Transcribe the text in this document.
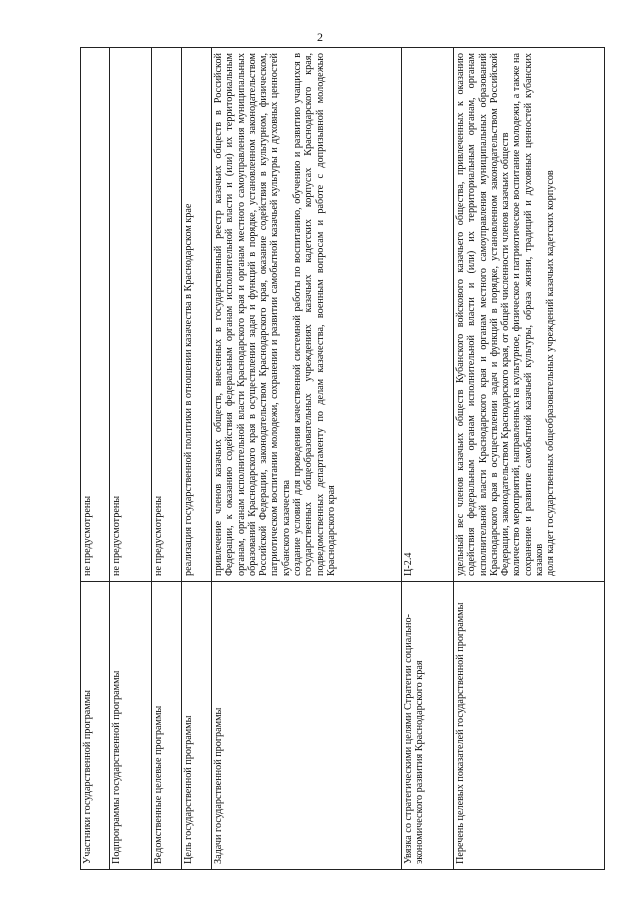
2
Участники государственной программы	не предусмотрены

Подпрограммы государственной программы	не предусмотрены

Ведомственные целевые программы	не предусмотрены

Цель государственной программы	реализация государственной политики в отношении казачества в Краснодарском крае

Задачи государственной программы	привлечение членов казачьих обществ, внесенных в государственный реестр казачьих обществ в Российской Федерации, к оказанию содействия федеральным органам исполнительной власти и (или) их территориальным органам, органам исполнительной власти Краснодарского края и органам местного самоуправления муниципальных образований Краснодарского края в осуществлении задач и функций в порядке, установленном законодательством Российской Федерации, законодательством Краснодарского края, оказание содействия в культурном, физическом, патриотическом воспитании молодежи, сохранении и развитии самобытной казачьей культуры и духовных ценностей кубанского казачества создание условий для проведения качественной системной работы по воспитанию, обучению и развитию учащихся в государственных общеобразовательных учреждениях казачьих кадетских корпусах Краснодарского края, подведомственных департаменту по делам казачества, военным вопросам и работе с допризывной молодежью Краснодарского края

Увязка со стратегическими целями Стратегии социально-экономического развития Краснодарского края	Ц-2.4

Перечень целевых показателей государственной программы	удельный вес членов казачьих обществ Кубанского войскового казачьего общества, привлеченных к оказанию содействия федеральным органам исполнительной власти и (или) их территориальным органам, органам исполнительной власти Краснодарского края и органам местного самоуправления муниципальных образований Краснодарского края в осуществлении задач и функций в порядке, установленном законодательством Российской Федерации, законодательством Краснодарского края, от общей численности членов казачьих обществ количество мероприятий, направленных на культурное, физическое и патриотическое воспитание молодежи, а также на сохранение и развитие самобытной казачьей культуры, образа жизни, традиций и духовных ценностей кубанских казаков доля кадет государственных общеобразовательных учреждений казачьих кадетских корпусов
